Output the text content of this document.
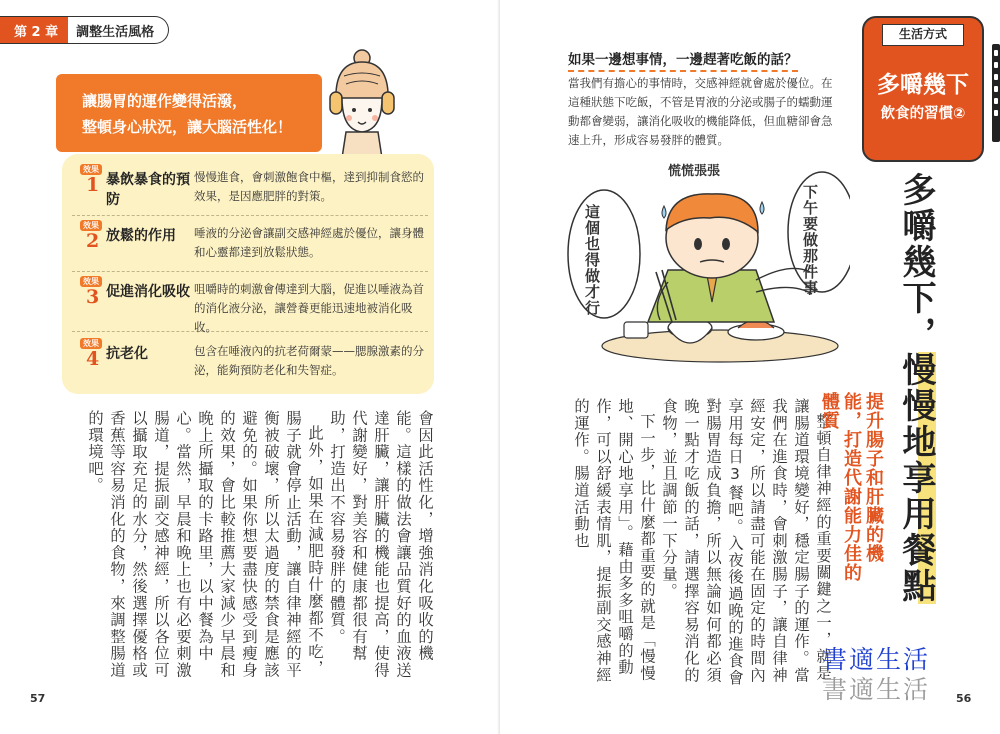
第 2 章	調整生活風格
讓腸胃的運作變得活潑，
整頓身心狀況，讓大腦活性化！
效果
1 暴飲暴食的預防
慢慢進食，會刺激飽食中樞，達到抑制食慾的效果，是因應肥胖的對策。
效果
2 放鬆的作用	唾液的分泌會讓副交感神經處於優位，讓身體和心靈都達到放鬆狀態。
效果
3 促進消化吸收 咀嚼時的刺激會傳達到大腦，促進以唾液為首的消化液分泌，讓營養更能迅速地被消化吸收。
效果
4 抗老化	包含在唾液內的抗老荷爾蒙——腮腺激素的分泌，能夠預防老化和失智症。

會因此活性化，增強消化吸收的機能。這樣的做法會讓品質好的血液送達肝臟，讓肝臟的機能也提高，使得代謝變好，對美容和健康都很有幫助，打造出不容易發胖的體質。

此外，如果在減肥時什麼都不吃，腸子就會停止活動，讓自律神經的平衡被破壞，所以太過度的禁食是應該避免的。如果你想要盡快感受到瘦身的效果，會比較推薦大家減少早晨和晚上所攝取的卡路里，以中餐為中心。當然，早晨和晚上也有必要刺激腸道，提振副交感神經，所以各位可以攝取充足的水分，然後選擇優格或香蕉等容易消化的食物，來調整腸道的環境吧。

57
如果一邊想事情，一邊趕著吃飯的話？
當我們有擔心的事情時，交感神經就會處於優位。在這種狀態下吃飯，不管是胃液的分泌或腸子的蠕動運動都會變弱，讓消化吸收的機能降低，但血糖卻會急速上升，形成容易發胖的體質。
慌慌張張
這個也得做才行	下午要做那件事

整頓自律神經的重要關鍵之一，就是讓腸道環境變好，穩定腸子的運作。當我們在進食時，會刺激腸子，讓自律神經安定，所以請盡可能在固定的時間內享用每日3餐吧。入夜後過晚的進食會對腸胃造成負擔，所以無論如何都必須晚一點才吃飯的話，請選擇容易消化的食物，並且調節一下分量。

下一步，比什麼都重要的就是「慢慢地、開心地享用」。藉由多多咀嚼的動作，可以舒緩表情肌，提振副交感神經的運作。腸道活動也	提升腸子和肝臟的機能，打造代謝能力佳的體質
生活方式
多嚼幾下
飲食的習慣②
多嚼幾下，慢慢地享用餐點
書適生活
書適生活 56
